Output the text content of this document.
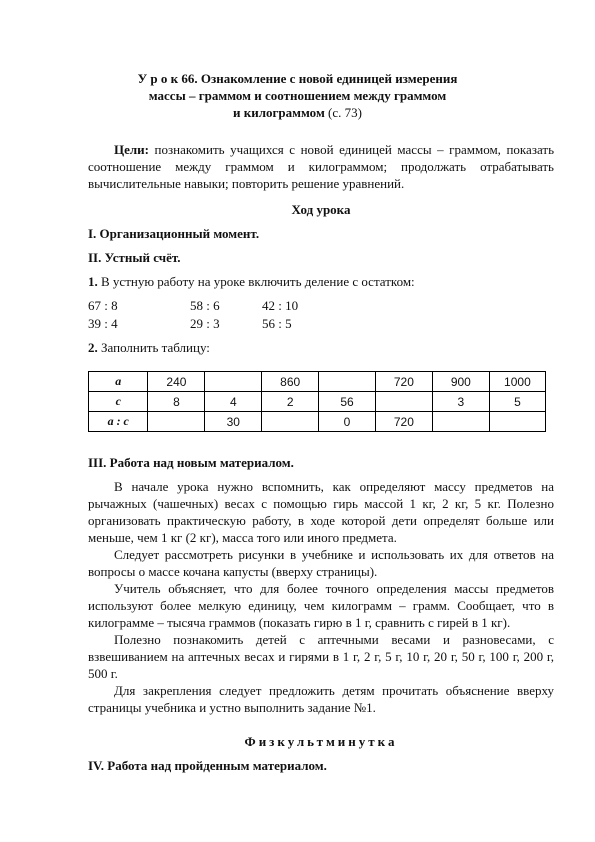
У р о к 66. Ознакомление с новой единицей измерения
массы – граммом и соотношением между граммом
и килограммом (с. 73)
Цели: познакомить учащихся с новой единицей массы – граммом, показать соотношение между граммом и килограммом; продолжать отрабатывать вычислительные навыки; повторить решение уравнений.
Ход урока
I. Организационный момент.
II. Устный счёт.
1. В устную работу на уроке включить деление с остатком:
67 : 8	58 : 6	42 : 10
39 : 4	29 : 3	56 : 5
2. Заполнить таблицу:
а	240		860		720	900	1000
с	8	4	2	56		3	5
а : с		30		0	720		
III. Работа над новым материалом.
В начале урока нужно вспомнить, как определяют массу предметов на рычажных (чашечных) весах с помощью гирь массой 1 кг, 2 кг, 5 кг. Полезно организовать практическую работу, в ходе которой дети определят больше или меньше, чем 1 кг (2 кг), масса того или иного предмета.
Следует рассмотреть рисунки в учебнике и использовать их для ответов на вопросы о массе кочана капусты (вверху страницы).
Учитель объясняет, что для более точного определения массы предметов используют более мелкую единицу, чем килограмм – грамм. Сообщает, что в килограмме – тысяча граммов (показать гирю в 1 г, сравнить с гирей в 1 кг).
Полезно познакомить детей с аптечными весами и разновесами, с взвешиванием на аптечных весах и гирями в 1 г, 2 г, 5 г, 10 г, 20 г, 50 г, 100 г, 200 г, 500 г.
Для закрепления следует предложить детям прочитать объяснение вверху страницы учебника и устно выполнить задание №1.
Физкультминутка
IV. Работа над пройденным материалом.
